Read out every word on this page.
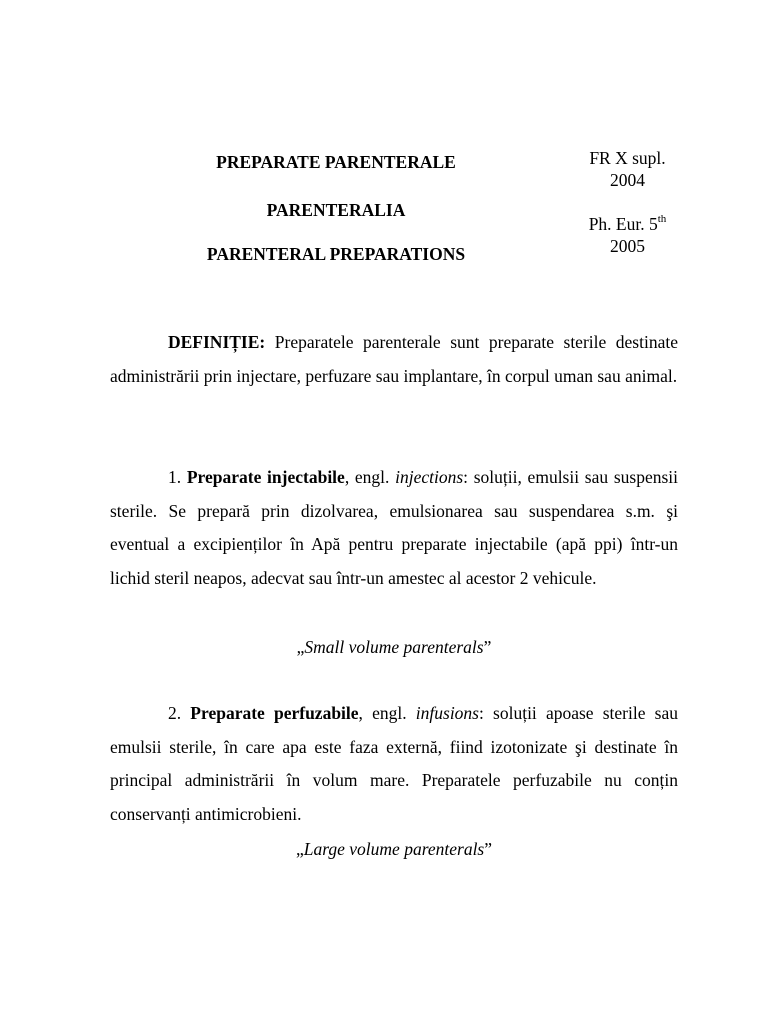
PREPARATE PARENTERALE
PARENTERALIA
PARENTERAL PREPARATIONS
FR X supl.
2004
Ph. Eur. 5th
2005

DEFINIȚIE: Preparatele parenterale sunt preparate sterile destinate administrării prin injectare, perfuzare sau implantare, în corpul uman sau animal.

1. Preparate injectabile, engl. injections: soluții, emulsii sau suspensii sterile. Se prepară prin dizolvarea, emulsionarea sau suspendarea s.m. şi eventual a excipienților în Apă pentru preparate injectabile (apă ppi) într-un lichid steril neapos, adecvat sau într-un amestec al acestor 2 vehicule.

„Small volume parenterals”

2. Preparate perfuzabile, engl. infusions: soluții apoase sterile sau emulsii sterile, în care apa este faza externă, fiind izotonizate şi destinate în principal administrării în volum mare. Preparatele perfuzabile nu conțin conservanți antimicrobieni.

„Large volume parenterals”
